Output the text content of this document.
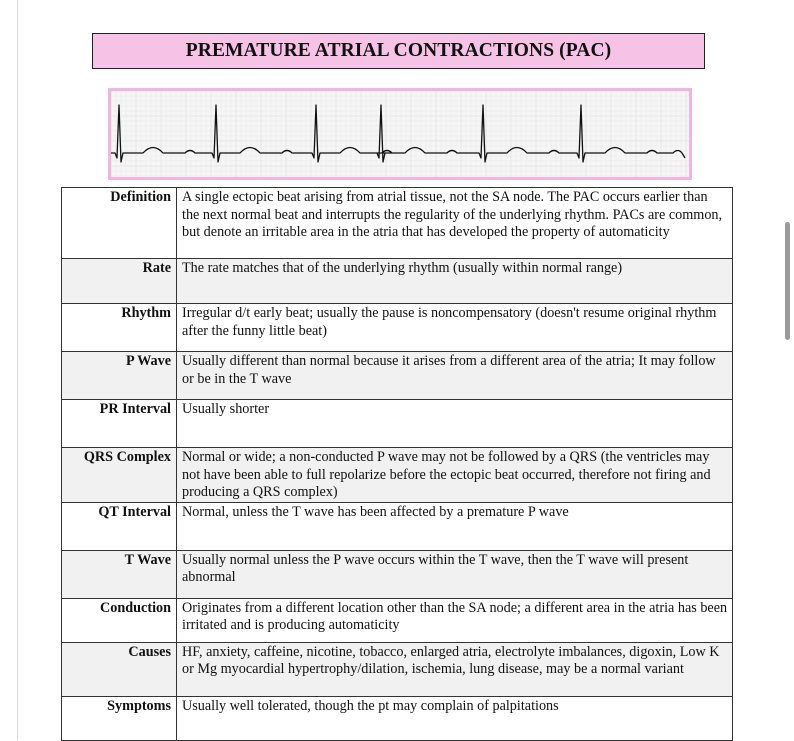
PREMATURE ATRIAL CONTRACTIONS (PAC)
Definition	A single ectopic beat arising from atrial tissue, not the SA node. The PAC occurs earlier than the next normal beat and interrupts the regularity of the underlying rhythm. PACs are common, but denote an irritable area in the atria that has developed the property of automaticity
Rate	The rate matches that of the underlying rhythm (usually within normal range)
Rhythm	Irregular d/t early beat; usually the pause is noncompensatory (doesn't resume original rhythm after the funny little beat)
P Wave	Usually different than normal because it arises from a different area of the atria; It may follow or be in the T wave
PR Interval	Usually shorter
QRS Complex	Normal or wide; a non-conducted P wave may not be followed by a QRS (the ventricles may not have been able to full repolarize before the ectopic beat occurred, therefore not firing and producing a QRS complex)
QT Interval	Normal, unless the T wave has been affected by a premature P wave
T Wave	Usually normal unless the P wave occurs within the T wave, then the T wave will present abnormal
Conduction	Originates from a different location other than the SA node; a different area in the atria has been irritated and is producing automaticity
Causes	HF, anxiety, caffeine, nicotine, tobacco, enlarged atria, electrolyte imbalances, digoxin, Low K or Mg myocardial hypertrophy/dilation, ischemia, lung disease, may be a normal variant
Symptoms	Usually well tolerated, though the pt may complain of palpitations
